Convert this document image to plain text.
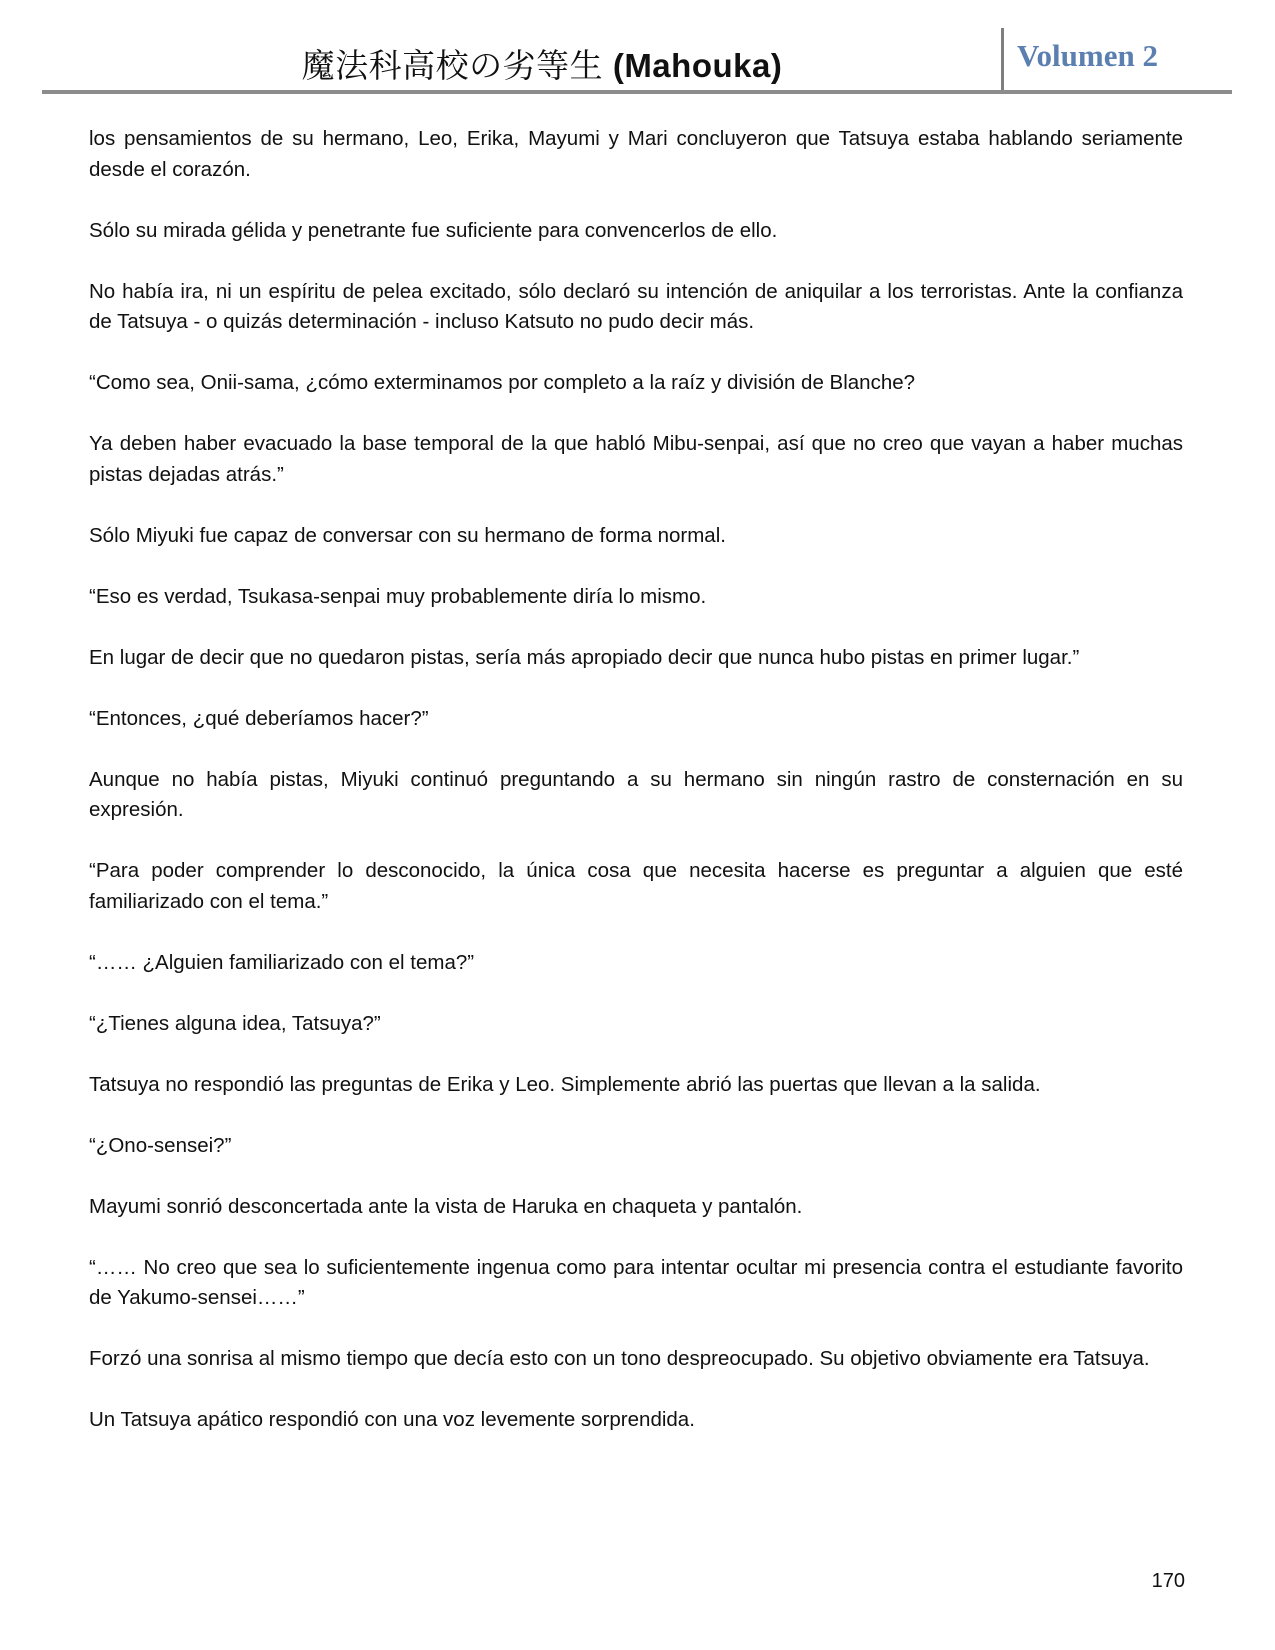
魔法科高校の劣等生 (Mahouka)	Volumen 2

los pensamientos de su hermano, Leo, Erika, Mayumi y Mari concluyeron que Tatsuya estaba hablando seriamente desde el corazón.

Sólo su mirada gélida y penetrante fue suficiente para convencerlos de ello.

No había ira, ni un espíritu de pelea excitado, sólo declaró su intención de aniquilar a los terroristas. Ante la confianza de Tatsuya - o quizás determinación - incluso Katsuto no pudo decir más.

“Como sea, Onii-sama, ¿cómo exterminamos por completo a la raíz y división de Blanche?

Ya deben haber evacuado la base temporal de la que habló Mibu-senpai, así que no creo que vayan a haber muchas pistas dejadas atrás.”

Sólo Miyuki fue capaz de conversar con su hermano de forma normal.

“Eso es verdad, Tsukasa-senpai muy probablemente diría lo mismo.

En lugar de decir que no quedaron pistas, sería más apropiado decir que nunca hubo pistas en primer lugar.”

“Entonces, ¿qué deberíamos hacer?”

Aunque no había pistas, Miyuki continuó preguntando a su hermano sin ningún rastro de consternación en su expresión.

“Para poder comprender lo desconocido, la única cosa que necesita hacerse es preguntar a alguien que esté familiarizado con el tema.”

“…… ¿Alguien familiarizado con el tema?”

“¿Tienes alguna idea, Tatsuya?”

Tatsuya no respondió las preguntas de Erika y Leo. Simplemente abrió las puertas que llevan a la salida.

“¿Ono-sensei?”

Mayumi sonrió desconcertada ante la vista de Haruka en chaqueta y pantalón.

“…… No creo que sea lo suficientemente ingenua como para intentar ocultar mi presencia contra el estudiante favorito de Yakumo-sensei……”

Forzó una sonrisa al mismo tiempo que decía esto con un tono despreocupado. Su objetivo obviamente era Tatsuya.

Un Tatsuya apático respondió con una voz levemente sorprendida.

170
